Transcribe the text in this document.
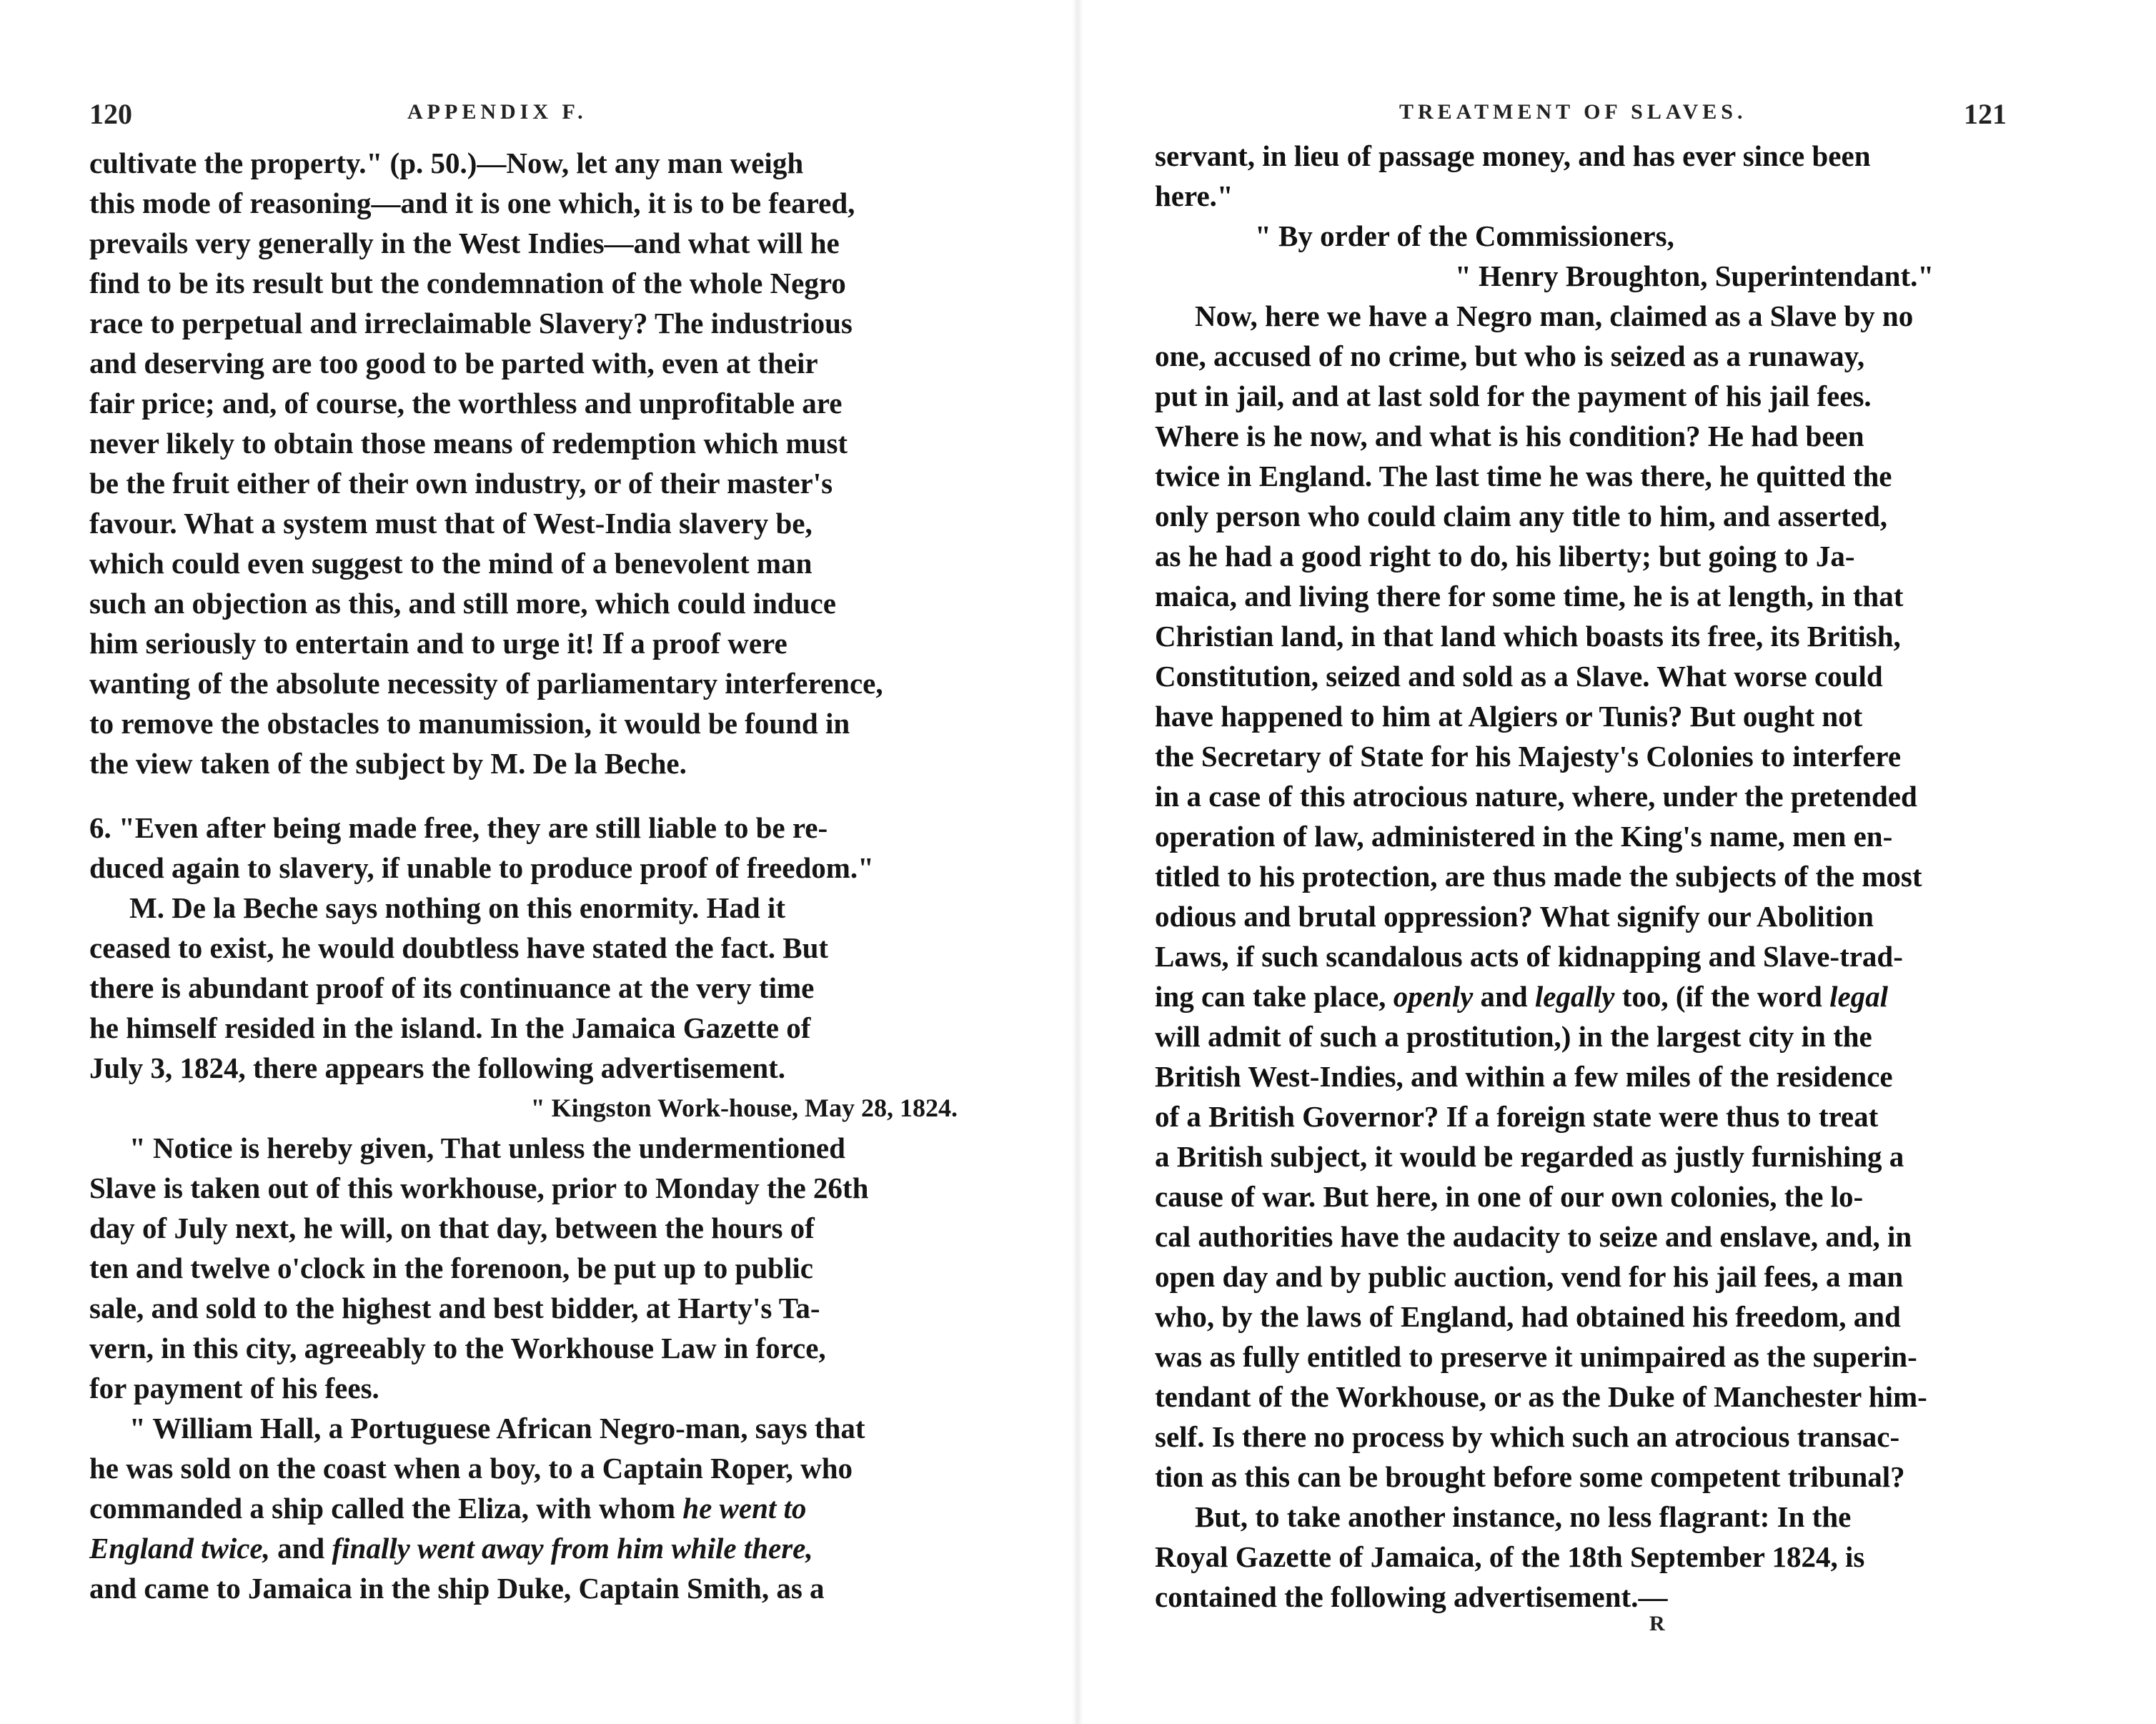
120	APPENDIX F.
cultivate the property." (p. 50.)—Now, let any man weigh
this mode of reasoning—and it is one which, it is to be feared,
prevails very generally in the West Indies—and what will he
find to be its result but the condemnation of the whole Negro
race to perpetual and irreclaimable Slavery? The industrious
and deserving are too good to be parted with, even at their
fair price; and, of course, the worthless and unprofitable are
never likely to obtain those means of redemption which must
be the fruit either of their own industry, or of their master's
favour. What a system must that of West-India slavery be,
which could even suggest to the mind of a benevolent man
such an objection as this, and still more, which could induce
him seriously to entertain and to urge it! If a proof were
wanting of the absolute necessity of parliamentary interference,
to remove the obstacles to manumission, it would be found in
the view taken of the subject by M. De la Beche.
6. "Even after being made free, they are still liable to be re-
duced again to slavery, if unable to produce proof of freedom."
M. De la Beche says nothing on this enormity. Had it
ceased to exist, he would doubtless have stated the fact. But
there is abundant proof of its continuance at the very time
he himself resided in the island. In the Jamaica Gazette of
July 3, 1824, there appears the following advertisement.
" Kingston Work-house, May 28, 1824.
" Notice is hereby given, That unless the undermentioned
Slave is taken out of this workhouse, prior to Monday the 26th
day of July next, he will, on that day, between the hours of
ten and twelve o'clock in the forenoon, be put up to public
sale, and sold to the highest and best bidder, at Harty's Ta-
vern, in this city, agreeably to the Workhouse Law in force,
for payment of his fees.
" William Hall, a Portuguese African Negro-man, says that
he was sold on the coast when a boy, to a Captain Roper, who
commanded a ship called the Eliza, with whom he went to
England twice, and finally went away from him while there,
and came to Jamaica in the ship Duke, Captain Smith, as a
TREATMENT OF SLAVES.	121
servant, in lieu of passage money, and has ever since been
here."
" By order of the Commissioners,
" Henry Broughton, Superintendant."
Now, here we have a Negro man, claimed as a Slave by no
one, accused of no crime, but who is seized as a runaway,
put in jail, and at last sold for the payment of his jail fees.
Where is he now, and what is his condition? He had been
twice in England. The last time he was there, he quitted the
only person who could claim any title to him, and asserted,
as he had a good right to do, his liberty; but going to Ja-
maica, and living there for some time, he is at length, in that
Christian land, in that land which boasts its free, its British,
Constitution, seized and sold as a Slave. What worse could
have happened to him at Algiers or Tunis? But ought not
the Secretary of State for his Majesty's Colonies to interfere
in a case of this atrocious nature, where, under the pretended
operation of law, administered in the King's name, men en-
titled to his protection, are thus made the subjects of the most
odious and brutal oppression? What signify our Abolition
Laws, if such scandalous acts of kidnapping and Slave-trad-
ing can take place, openly and legally too, (if the word legal
will admit of such a prostitution,) in the largest city in the
British West-Indies, and within a few miles of the residence
of a British Governor? If a foreign state were thus to treat
a British subject, it would be regarded as justly furnishing a
cause of war. But here, in one of our own colonies, the lo-
cal authorities have the audacity to seize and enslave, and, in
open day and by public auction, vend for his jail fees, a man
who, by the laws of England, had obtained his freedom, and
was as fully entitled to preserve it unimpaired as the superin-
tendant of the Workhouse, or as the Duke of Manchester him-
self. Is there no process by which such an atrocious transac-
tion as this can be brought before some competent tribunal?
But, to take another instance, no less flagrant: In the
Royal Gazette of Jamaica, of the 18th September 1824, is
contained the following advertisement.—
R
